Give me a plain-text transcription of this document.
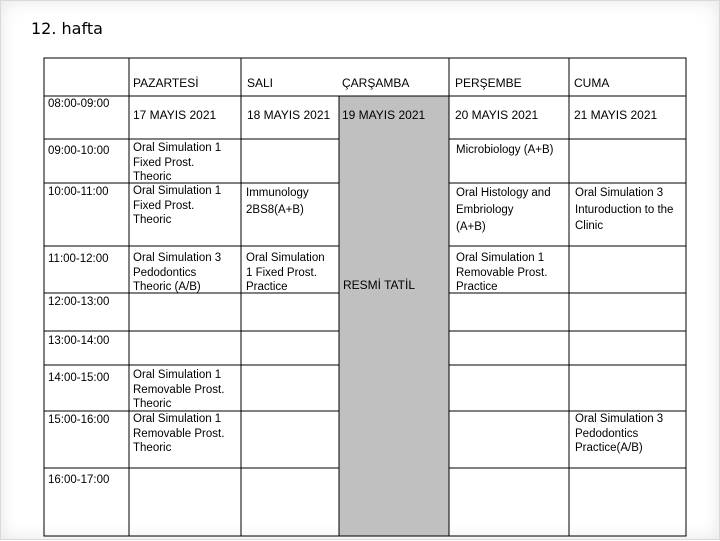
12. hafta

PAZARTESİ

17 MAYIS 2021

SALI

18 MAYIS 2021

ÇARŞAMBA

19 MAYIS 2021

PERŞEMBE

20 MAYIS 2021

CUMA

21 MAYIS 2021

08:00-09:00
09:00-10:00
10:00-11:00
11:00-12:00
12:00-13:00
13:00-14:00
14:00-15:00
15:00-16:00
16:00-17:00
Oral Simulation 1
Fixed Prost.
Theoric
Oral Simulation 1
Fixed Prost.
Theoric
Oral Simulation 3
Pedodontics
Theoric (A/B)
Oral Simulation 1
Removable Prost.
Theoric
Oral Simulation 1
Removable Prost.
Theoric
Immunology
2BS8(A+B)
Oral Simulation
1 Fixed Prost.
Practice	RESMİ TATİL
Microbiology (A+B)
Oral Histology and
Embriology
(A+B)
Oral Simulation 1
Removable Prost.
Practice
Oral Simulation 3
Inturoduction to the
Clinic
Oral Simulation 3
Pedodontics
Practice(A/B)
